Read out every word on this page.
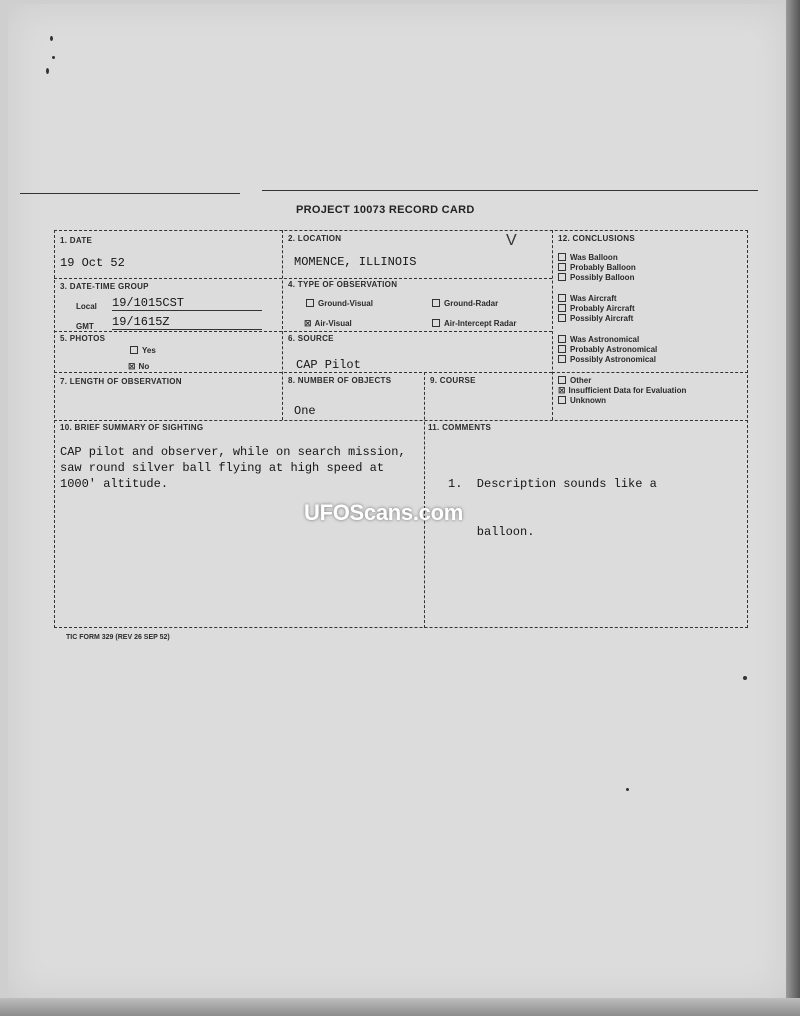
PROJECT 10073 RECORD CARD
V
1. DATE
19 Oct 52
2. LOCATION
MOMENCE, ILLINOIS
3. DATE-TIME GROUP
Local 19/1015CST
GMT 19/1615Z
4. TYPE OF OBSERVATION
Ground-Visual	Ground-Radar
⊠ Air-Visual	Air-Intercept Radar
5. PHOTOS
Yes
⊠ No
6. SOURCE
CAP Pilot
7. LENGTH OF OBSERVATION	8. NUMBER OF OBJECTS
One
9. COURSE
10. BRIEF SUMMARY OF SIGHTING
CAP pilot and observer, while on search mission,
saw round silver ball flying at high speed at
1000' altitude.
11. COMMENTS

1.  Description sounds like a

balloon.

12. CONCLUSIONS
Was Balloon
Probably Balloon
Possibly Balloon
Was Aircraft
Probably Aircraft
Possibly Aircraft
Was Astronomical
Probably Astronomical
Possibly Astronomical
Other
⊠ Insufficient Data for Evaluation
Unknown
UFOScans.com
TIC FORM 329 (REV 26 SEP 52)
